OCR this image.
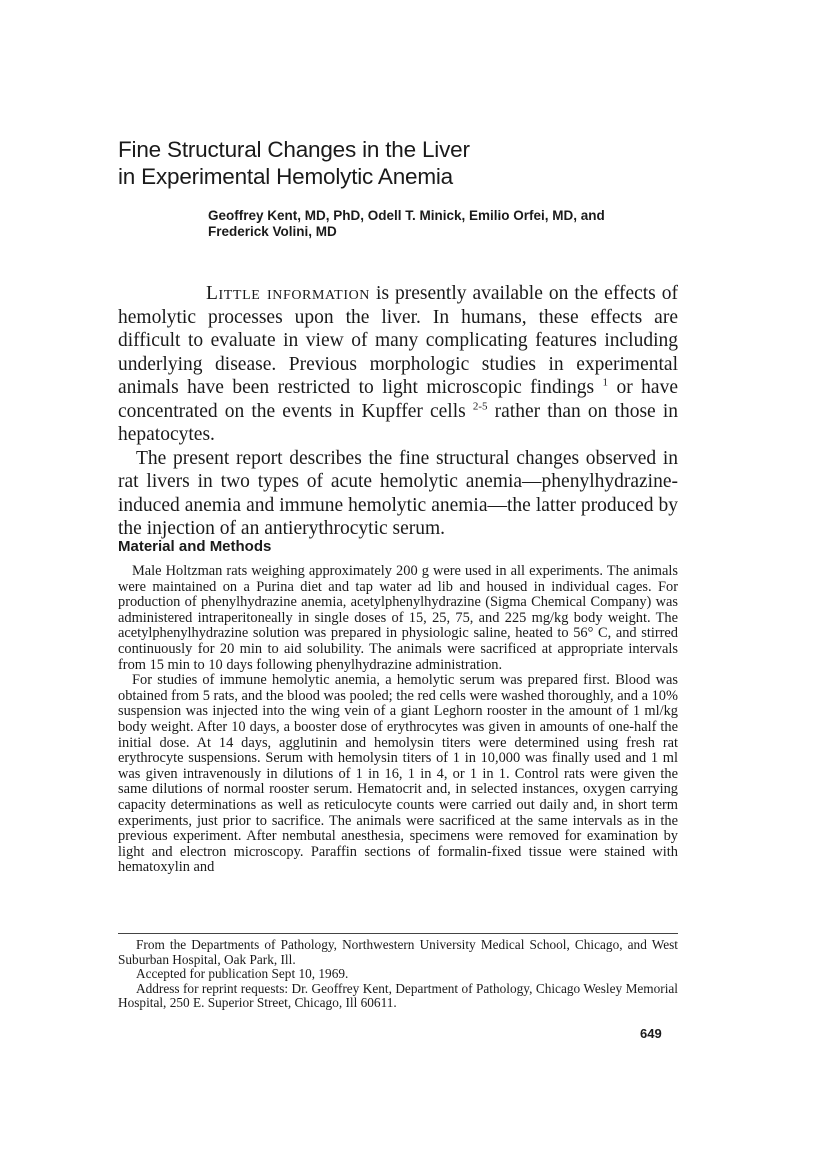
Fine Structural Changes in the Liver
in Experimental Hemolytic Anemia
Geoffrey Kent, MD, PhD, Odell T. Minick, Emilio Orfei, MD, and
Frederick Volini, MD

Little information is presently available on the effects of hemolytic processes upon the liver. In humans, these effects are difficult to evaluate in view of many complicating features including underlying disease. Previous morphologic studies in experimental animals have been restricted to light microscopic findings $^1$ or have concentrated on the events in Kupffer cells $^{2-5}$ rather than on those in hepatocytes.

The present report describes the fine structural changes observed in rat livers in two types of acute hemolytic anemia—phenylhydrazine-induced anemia and immune hemolytic anemia—the latter produced by the injection of an antierythrocytic serum.

Material and Methods

Male Holtzman rats weighing approximately 200 g were used in all experiments. The animals were maintained on a Purina diet and tap water ad lib and housed in individual cages. For production of phenylhydrazine anemia, acetylphenylhydrazine (Sigma Chemical Company) was administered intraperitoneally in single doses of 15, 25, 75, and 225 mg/kg body weight. The acetylphenylhydrazine solution was prepared in physiologic saline, heated to 56° C, and stirred continuously for 20 min to aid solubility. The animals were sacrificed at appropriate intervals from 15 min to 10 days following phenylhydrazine administration.

For studies of immune hemolytic anemia, a hemolytic serum was prepared first. Blood was obtained from 5 rats, and the blood was pooled; the red cells were washed thoroughly, and a 10% suspension was injected into the wing vein of a giant Leghorn rooster in the amount of 1 ml/kg body weight. After 10 days, a booster dose of erythrocytes was given in amounts of one-half the initial dose. At 14 days, agglutinin and hemolysin titers were determined using fresh rat erythrocyte suspensions. Serum with hemolysin titers of 1 in 10,000 was finally used and 1 ml was given intravenously in dilutions of 1 in 16, 1 in 4, or 1 in 1. Control rats were given the same dilutions of normal rooster serum. Hematocrit and, in selected instances, oxygen carrying capacity determinations as well as reticulocyte counts were carried out daily and, in short term experiments, just prior to sacrifice. The animals were sacrificed at the same intervals as in the previous experiment. After nembutal anesthesia, specimens were removed for examination by light and electron microscopy. Paraffin sections of formalin-fixed tissue were stained with hematoxylin and

From the Departments of Pathology, Northwestern University Medical School, Chicago, and West Suburban Hospital, Oak Park, Ill.

Accepted for publication Sept 10, 1969.

Address for reprint requests: Dr. Geoffrey Kent, Department of Pathology, Chicago Wesley Memorial Hospital, 250 E. Superior Street, Chicago, Ill 60611.

649
